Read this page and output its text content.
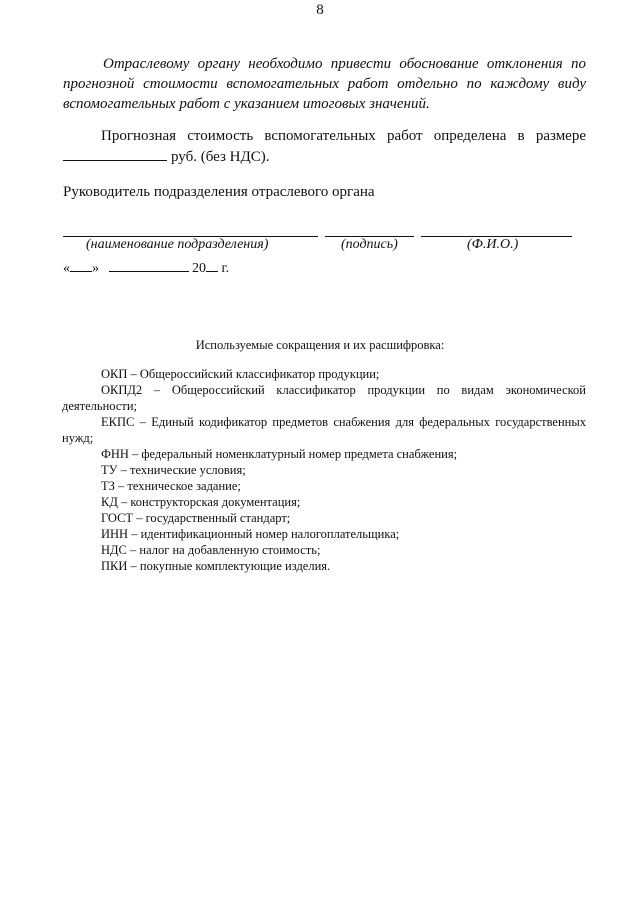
8
Отраслевому органу необходимо привести обоснование отклонения по прогнозной стоимости вспомогательных работ отдельно по каждому виду вспомогательных работ с указанием итоговых значений.
Прогнозная стоимость вспомогательных работ определена в размере
руб. (без НДС).
Руководитель подразделения отраслевого органа
(наименование подразделения)	(подпись)	(Ф.И.О.)
« »	20 г.
Используемые сокращения и их расшифровка:
ОКП – Общероссийский классификатор продукции;
ОКПД2 – Общероссийский классификатор продукции по видам экономической деятельности;
ЕКПС – Единый кодификатор предметов снабжения для федеральных государственных нужд;
ФНН – федеральный номенклатурный номер предмета снабжения;
ТУ – технические условия;
ТЗ – техническое задание;
КД – конструкторская документация;
ГОСТ – государственный стандарт;
ИНН – идентификационный номер налогоплательщика;
НДС – налог на добавленную стоимость;
ПКИ – покупные комплектующие изделия.
